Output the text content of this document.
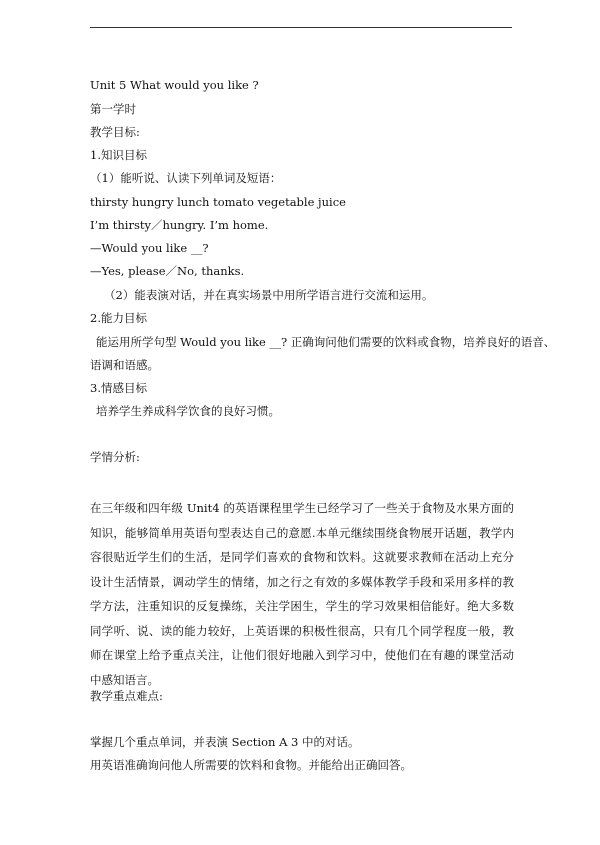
Unit 5 What would you like ?
第一学时
教学目标:
1.知识目标
（1）能听说、认读下列单词及短语：
thirsty hungry lunch tomato vegetable juice
I’m thirsty／hungry. I’m home.
—Would you like __?
—Yes, please／No, thanks.
（2）能表演对话，并在真实场景中用所学语言进行交流和运用。
2.能力目标
能运用所学句型 Would you like __? 正确询问他们需要的饮料或食物，培养良好的语音、
语调和语感。
3.情感目标
培养学生养成科学饮食的良好习惯。
学情分析:
在三年级和四年级 Unit4 的英语课程里学生已经学习了一些关于食物及水果方面的知识，能够简单用英语句型表达自己的意愿.本单元继续围绕食物展开话题，教学内容很贴近学生们的生活，是同学们喜欢的食物和饮料。这就要求教师在活动上充分设计生活情景，调动学生的情绪，加之行之有效的多媒体教学手段和采用多样的教学方法，注重知识的反复操练，关注学困生，学生的学习效果相信能好。绝大多数同学听、说、读的能力较好，上英语课的积极性很高，只有几个同学程度一般，教师在课堂上给予重点关注，让他们很好地融入到学习中，使他们在有趣的课堂活动中感知语言。
教学重点难点:
掌握几个重点单词，并表演 Section A 3 中的对话。
用英语准确询问他人所需要的饮料和食物。并能给出正确回答。
